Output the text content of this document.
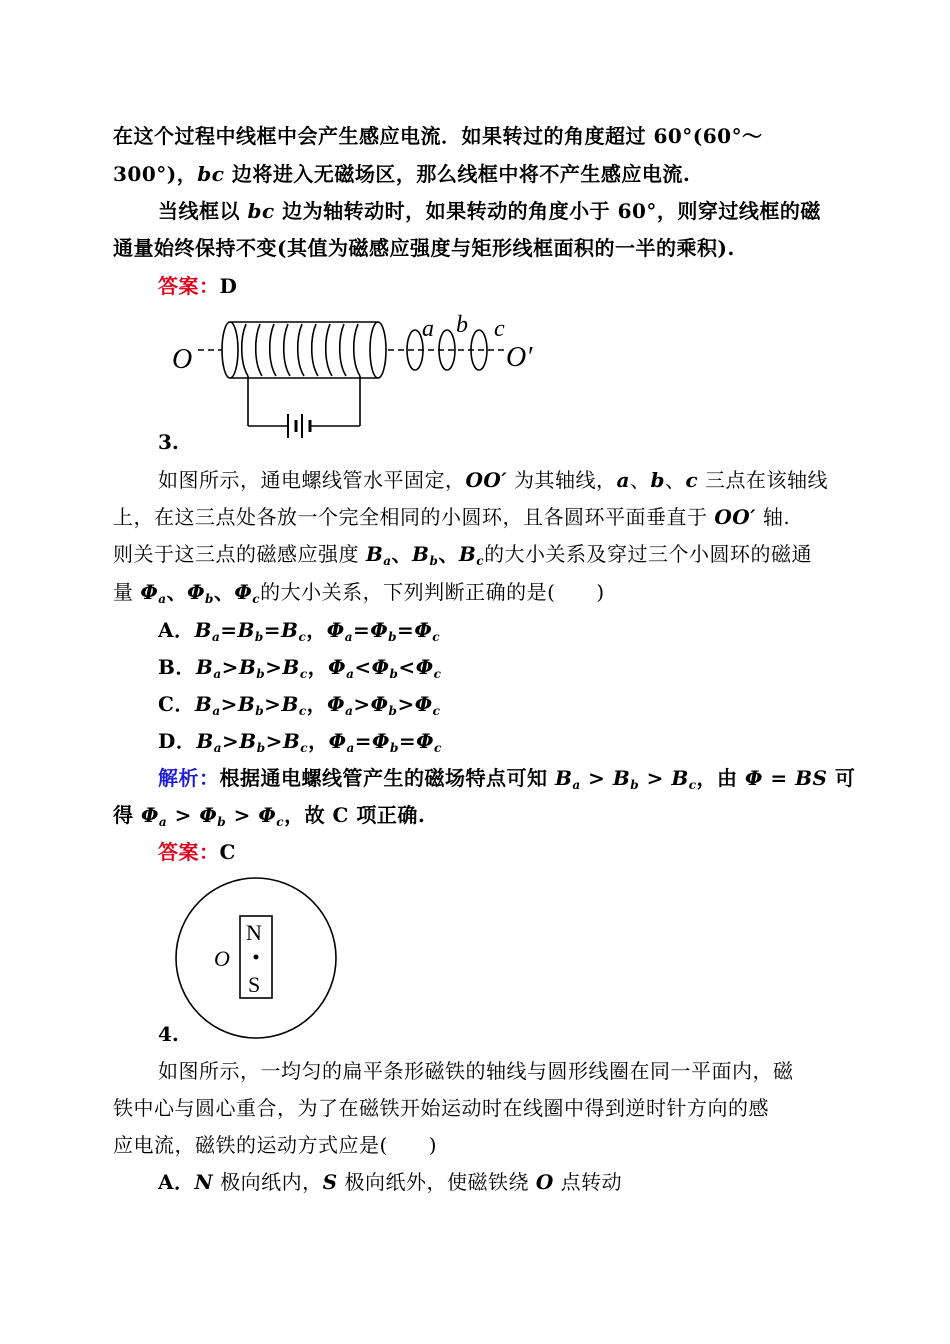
在这个过程中线框中会产生感应电流．如果转过的角度超过 60°(60°～
300°)，bc 边将进入无磁场区，那么线框中将不产生感应电流.
当线框以 bc 边为轴转动时，如果转动的角度小于 60°，则穿过线框的磁
通量始终保持不变(其值为磁感应强度与矩形线框面积的一半的乘积).
答案：D
O	O′
a b c
3.
如图所示，通电螺线管水平固定，OO′ 为其轴线，a、b、c 三点在该轴线
上，在这三点处各放一个完全相同的小圆环，且各圆环平面垂直于 OO′ 轴.
则关于这三点的磁感应强度 $B_a$、$B_b$、$B_c$的大小关系及穿过三个小圆环的磁通
量 $\Phi_a$、$\Phi_b$、$\Phi_c$的大小关系，下列判断正确的是(　　)
A．$B_a=B_b=B_c$，$\Phi_a=\Phi_b=\Phi_c$
B．$B_a>B_b>B_c$，$\Phi_a<\Phi_b<\Phi_c$
C．$B_a>B_b>B_c$，$\Phi_a>\Phi_b>\Phi_c$
D．$B_a>B_b>B_c$，$\Phi_a=\Phi_b=\Phi_c$
解析：根据通电螺线管产生的磁场特点可知 $B_a > B_b > B_c$，由 Φ = BS 可
得 $\Phi_a > \Phi_b > \Phi_c$，故 C 项正确.
答案：C
N
S
O
4.
如图所示，一均匀的扁平条形磁铁的轴线与圆形线圈在同一平面内，磁
铁中心与圆心重合，为了在磁铁开始运动时在线圈中得到逆时针方向的感
应电流，磁铁的运动方式应是(　　)
A．N 极向纸内，S 极向纸外，使磁铁绕 O 点转动
